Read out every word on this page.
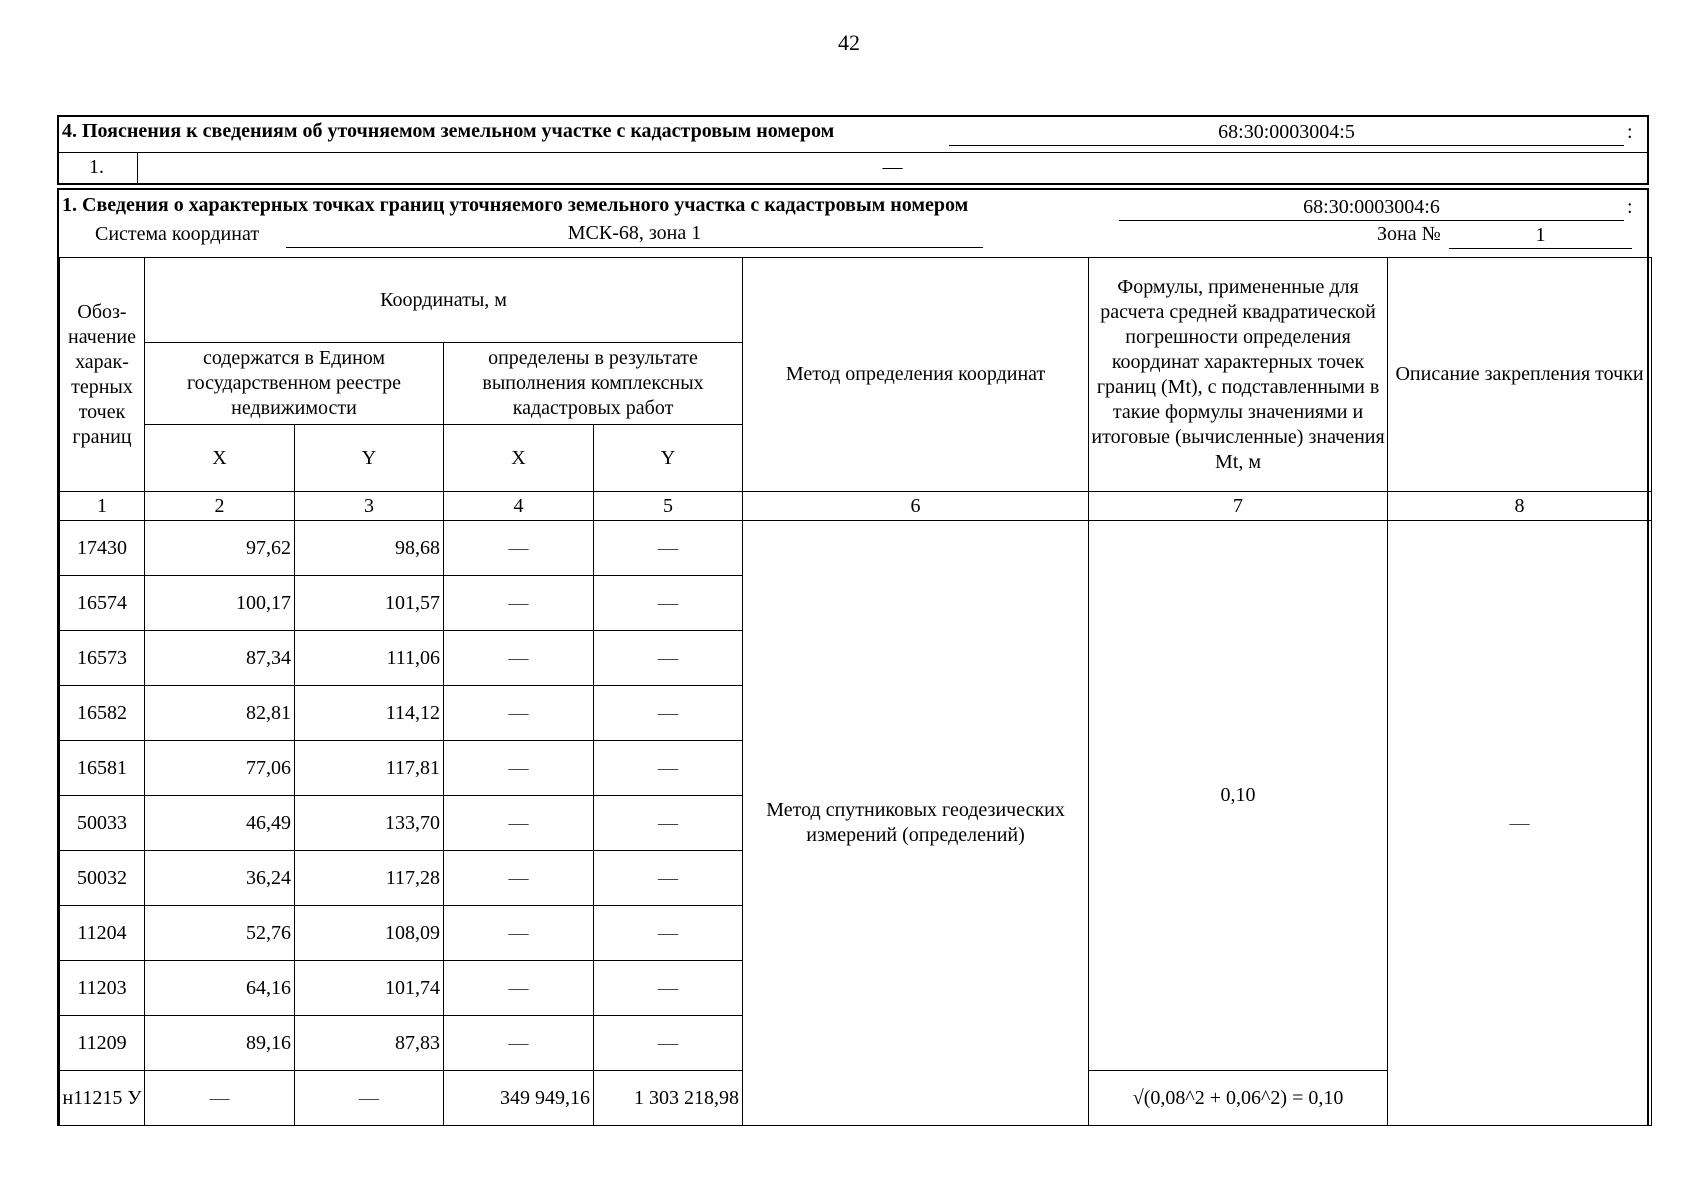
42
4. Пояснения к сведениям об уточняемом земельном участке с кадастровым номером	68:30:0003004:5	:
1.	—
1. Сведения о характерных точках границ уточняемого земельного участка с кадастровым номером	68:30:0003004:6	:
Система координат	МСК-68, зона 1	Зона №	1
Обоз-начение харак-терных точек границ	Координаты, м				Метод определения координат	Формулы, примененные для расчета средней квадратической погрешности определения координат характерных точек границ (Mt), с подставленными в такие формулы значениями и итоговые (вычисленные) значения Mt, м	Описание закрепления точки
	содержатся в Едином государственном реестре недвижимости		определены в результате выполнения комплексных кадастровых работ				
	X	Y	X	Y			
1	2	3	4	5	6	7	8
17430	97,62	98,68	—	—	Метод спутниковых геодезических измерений (определений)	0,10	—
16574	100,17	101,57	—	—			
16573	87,34	111,06	—	—			
16582	82,81	114,12	—	—			
16581	77,06	117,81	—	—			
50033	46,49	133,70	—	—			
50032	36,24	117,28	—	—			
11204	52,76	108,09	—	—			
11203	64,16	101,74	—	—			
11209	89,16	87,83	—	—			
н11215 У	—	—	349 949,16	1 303 218,98		√(0,08^2 + 0,06^2) = 0,10	
